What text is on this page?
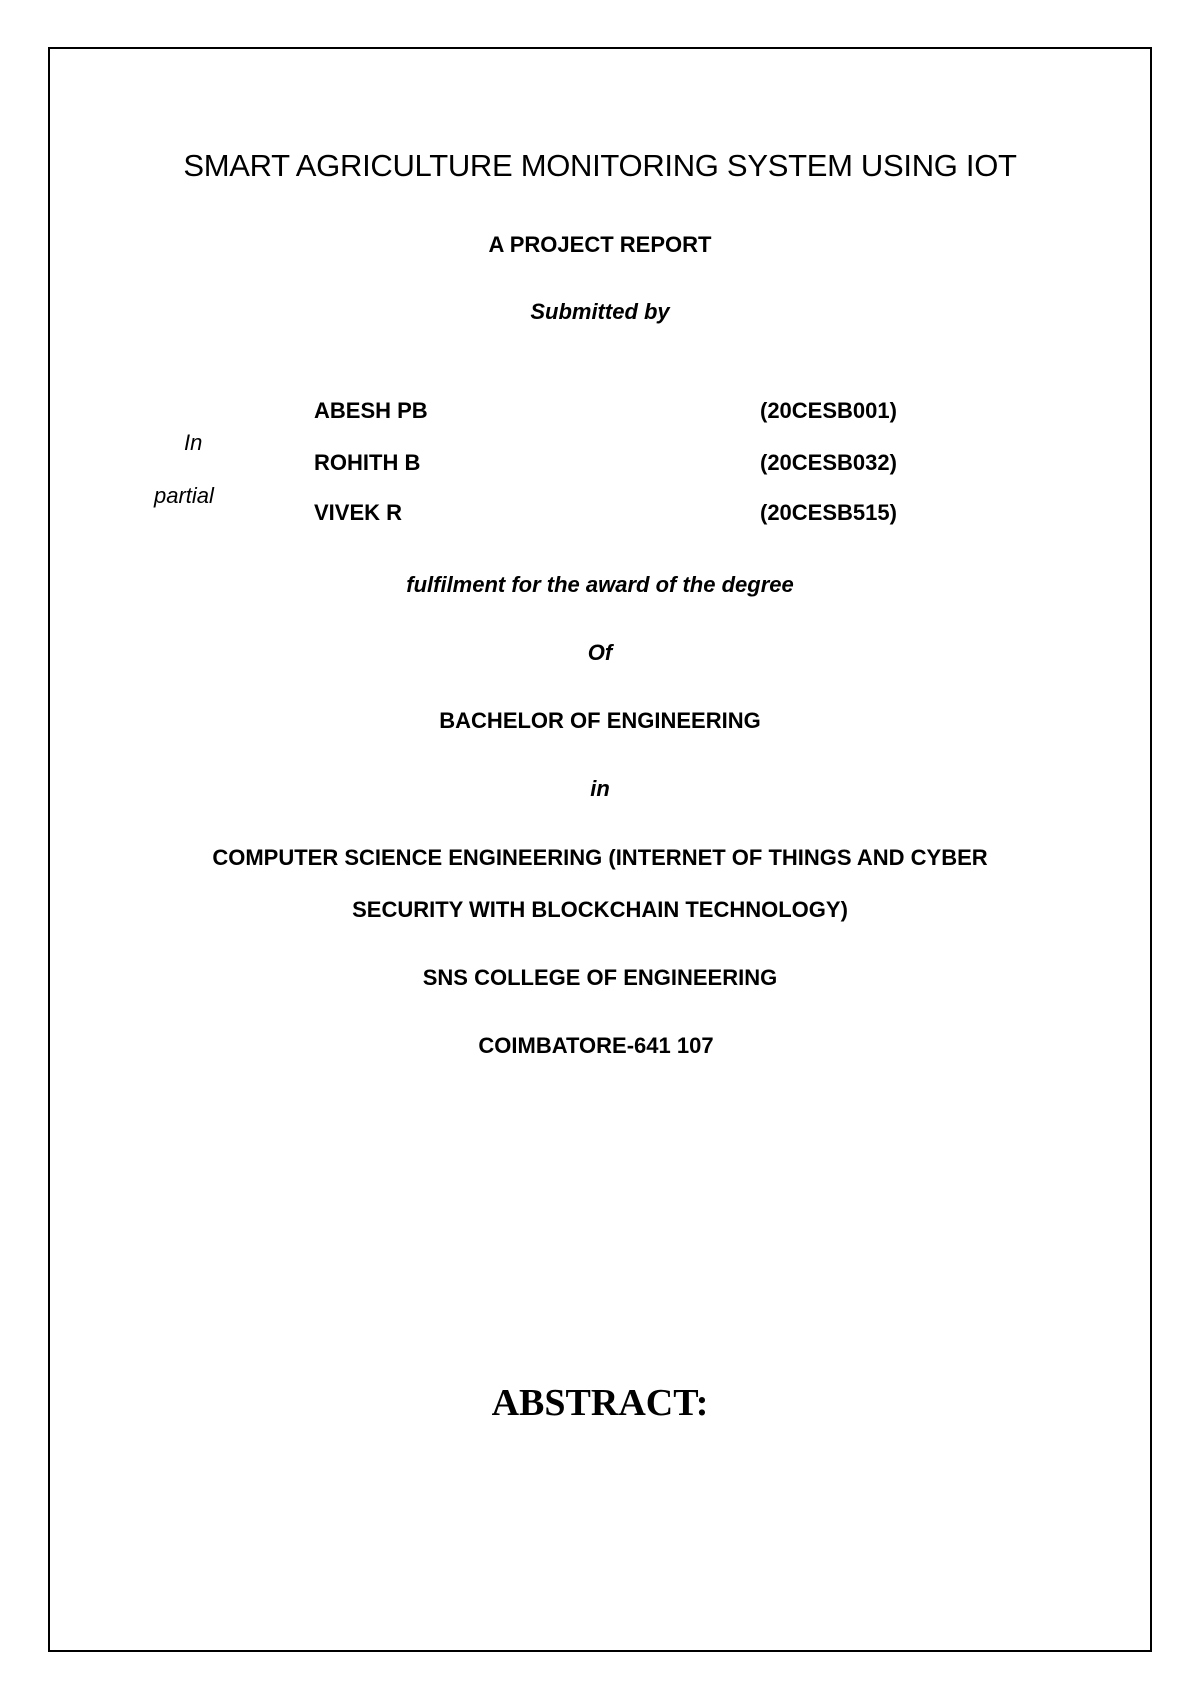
SMART AGRICULTURE MONITORING SYSTEM USING IOT
A PROJECT REPORT
Submitted by
In
partial
ABESH PB	(20CESB001)
ROHITH B	(20CESB032)
VIVEK R	(20CESB515)
fulfilment for the award of the degree
Of
BACHELOR OF ENGINEERING
in
COMPUTER SCIENCE ENGINEERING (INTERNET OF THINGS AND CYBER
SECURITY WITH BLOCKCHAIN TECHNOLOGY)
SNS COLLEGE OF ENGINEERING
COIMBATORE-641 107
ABSTRACT:
